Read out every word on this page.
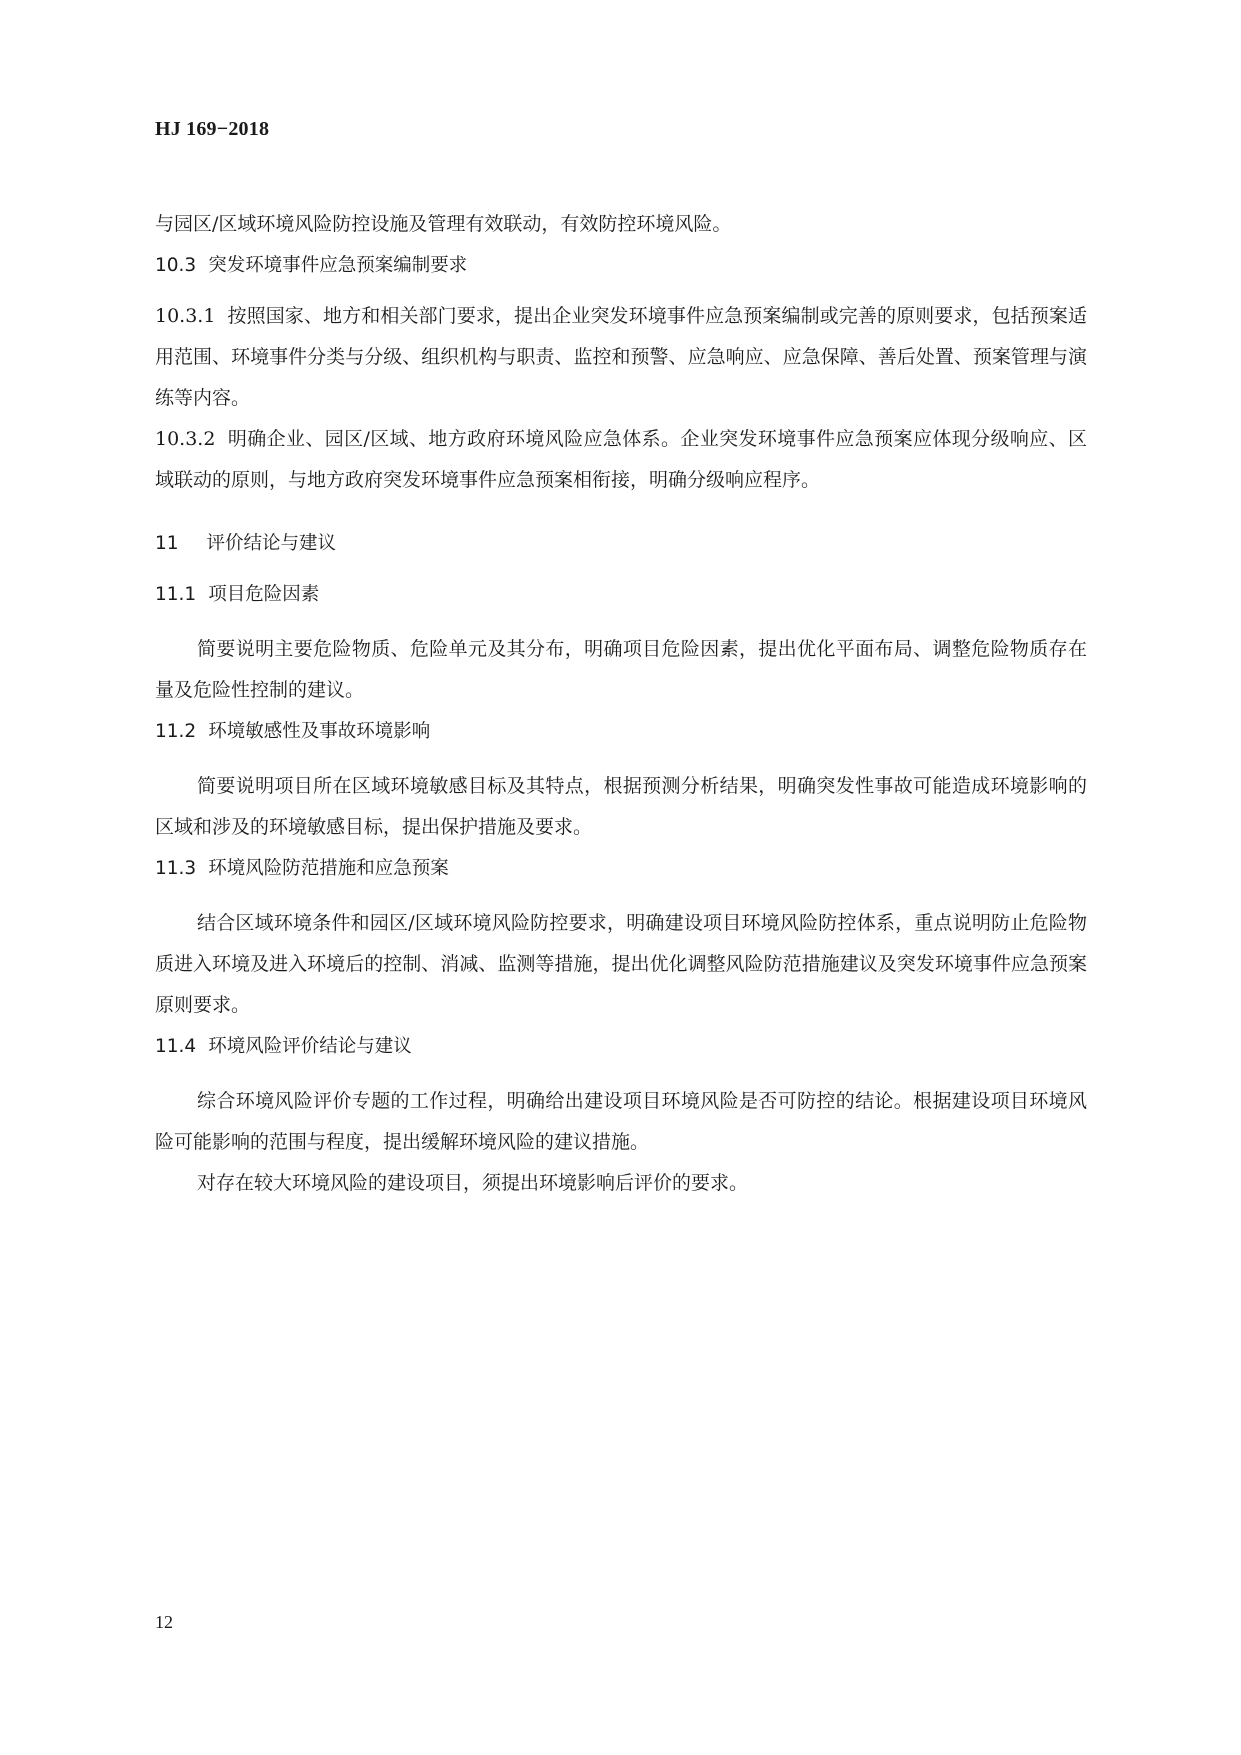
HJ 169−2018

与园区/区域环境风险防控设施及管理有效联动，有效防控环境风险。

10.3 突发环境事件应急预案编制要求

10.3.1 按照国家、地方和相关部门要求，提出企业突发环境事件应急预案编制或完善的原则要求，包括预案适用范围、环境事件分类与分级、组织机构与职责、监控和预警、应急响应、应急保障、善后处置、预案管理与演练等内容。

10.3.2 明确企业、园区/区域、地方政府环境风险应急体系。企业突发环境事件应急预案应体现分级响应、区域联动的原则，与地方政府突发环境事件应急预案相衔接，明确分级响应程序。

11 评价结论与建议
11.1 项目危险因素

简要说明主要危险物质、危险单元及其分布，明确项目危险因素，提出优化平面布局、调整危险物质存在量及危险性控制的建议。

11.2 环境敏感性及事故环境影响

简要说明项目所在区域环境敏感目标及其特点，根据预测分析结果，明确突发性事故可能造成环境影响的区域和涉及的环境敏感目标，提出保护措施及要求。

11.3 环境风险防范措施和应急预案

结合区域环境条件和园区/区域环境风险防控要求，明确建设项目环境风险防控体系，重点说明防止危险物质进入环境及进入环境后的控制、消减、监测等措施，提出优化调整风险防范措施建议及突发环境事件应急预案原则要求。

11.4 环境风险评价结论与建议

综合环境风险评价专题的工作过程，明确给出建设项目环境风险是否可防控的结论。根据建设项目环境风险可能影响的范围与程度，提出缓解环境风险的建议措施。

对存在较大环境风险的建设项目，须提出环境影响后评价的要求。

12
